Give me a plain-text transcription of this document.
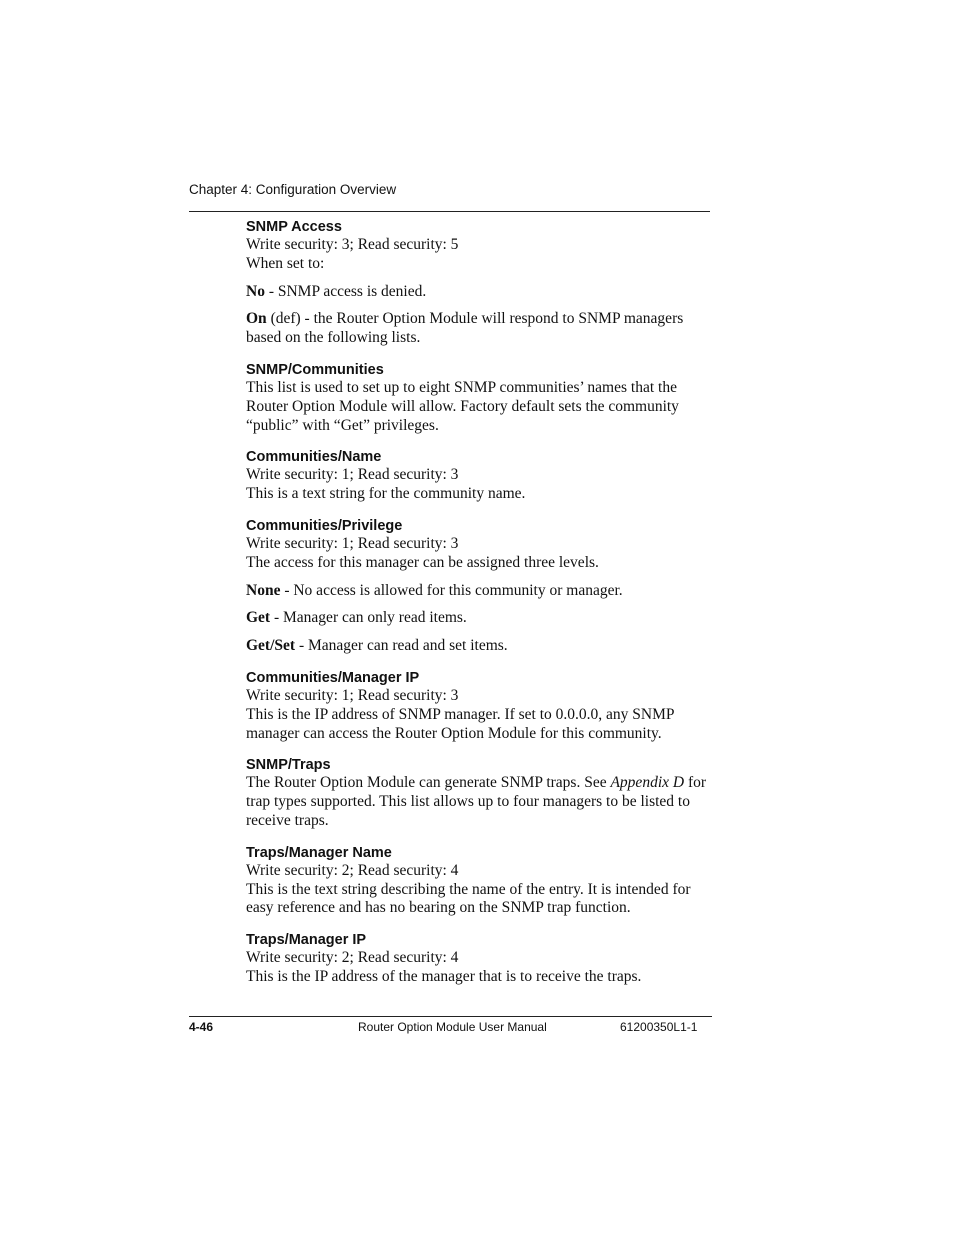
Chapter 4: Configuration Overview
SNMP Access
Write security: 3; Read security: 5
When set to:
No - SNMP access is denied.
On (def) - the Router Option Module will respond to SNMP managers based on the following lists.
SNMP/Communities
This list is used to set up to eight SNMP communities’ names that the Router Option Module will allow. Factory default sets the community “public” with “Get” privileges.
Communities/Name
Write security: 1; Read security: 3
This is a text string for the community name.
Communities/Privilege
Write security: 1; Read security: 3
The access for this manager can be assigned three levels.
None - No access is allowed for this community or manager.
Get - Manager can only read items.
Get/Set - Manager can read and set items.
Communities/Manager IP
Write security: 1; Read security: 3
This is the IP address of SNMP manager. If set to 0.0.0.0, any SNMP manager can access the Router Option Module for this community.
SNMP/Traps
The Router Option Module can generate SNMP traps. See Appendix D for trap types supported. This list allows up to four managers to be listed to receive traps.
Traps/Manager Name
Write security: 2; Read security: 4
This is the text string describing the name of the entry. It is intended for easy reference and has no bearing on the SNMP trap function.
Traps/Manager IP
Write security: 2; Read security: 4
This is the IP address of the manager that is to receive the traps.
4-46	Router Option Module User Manual	61200350L1-1
